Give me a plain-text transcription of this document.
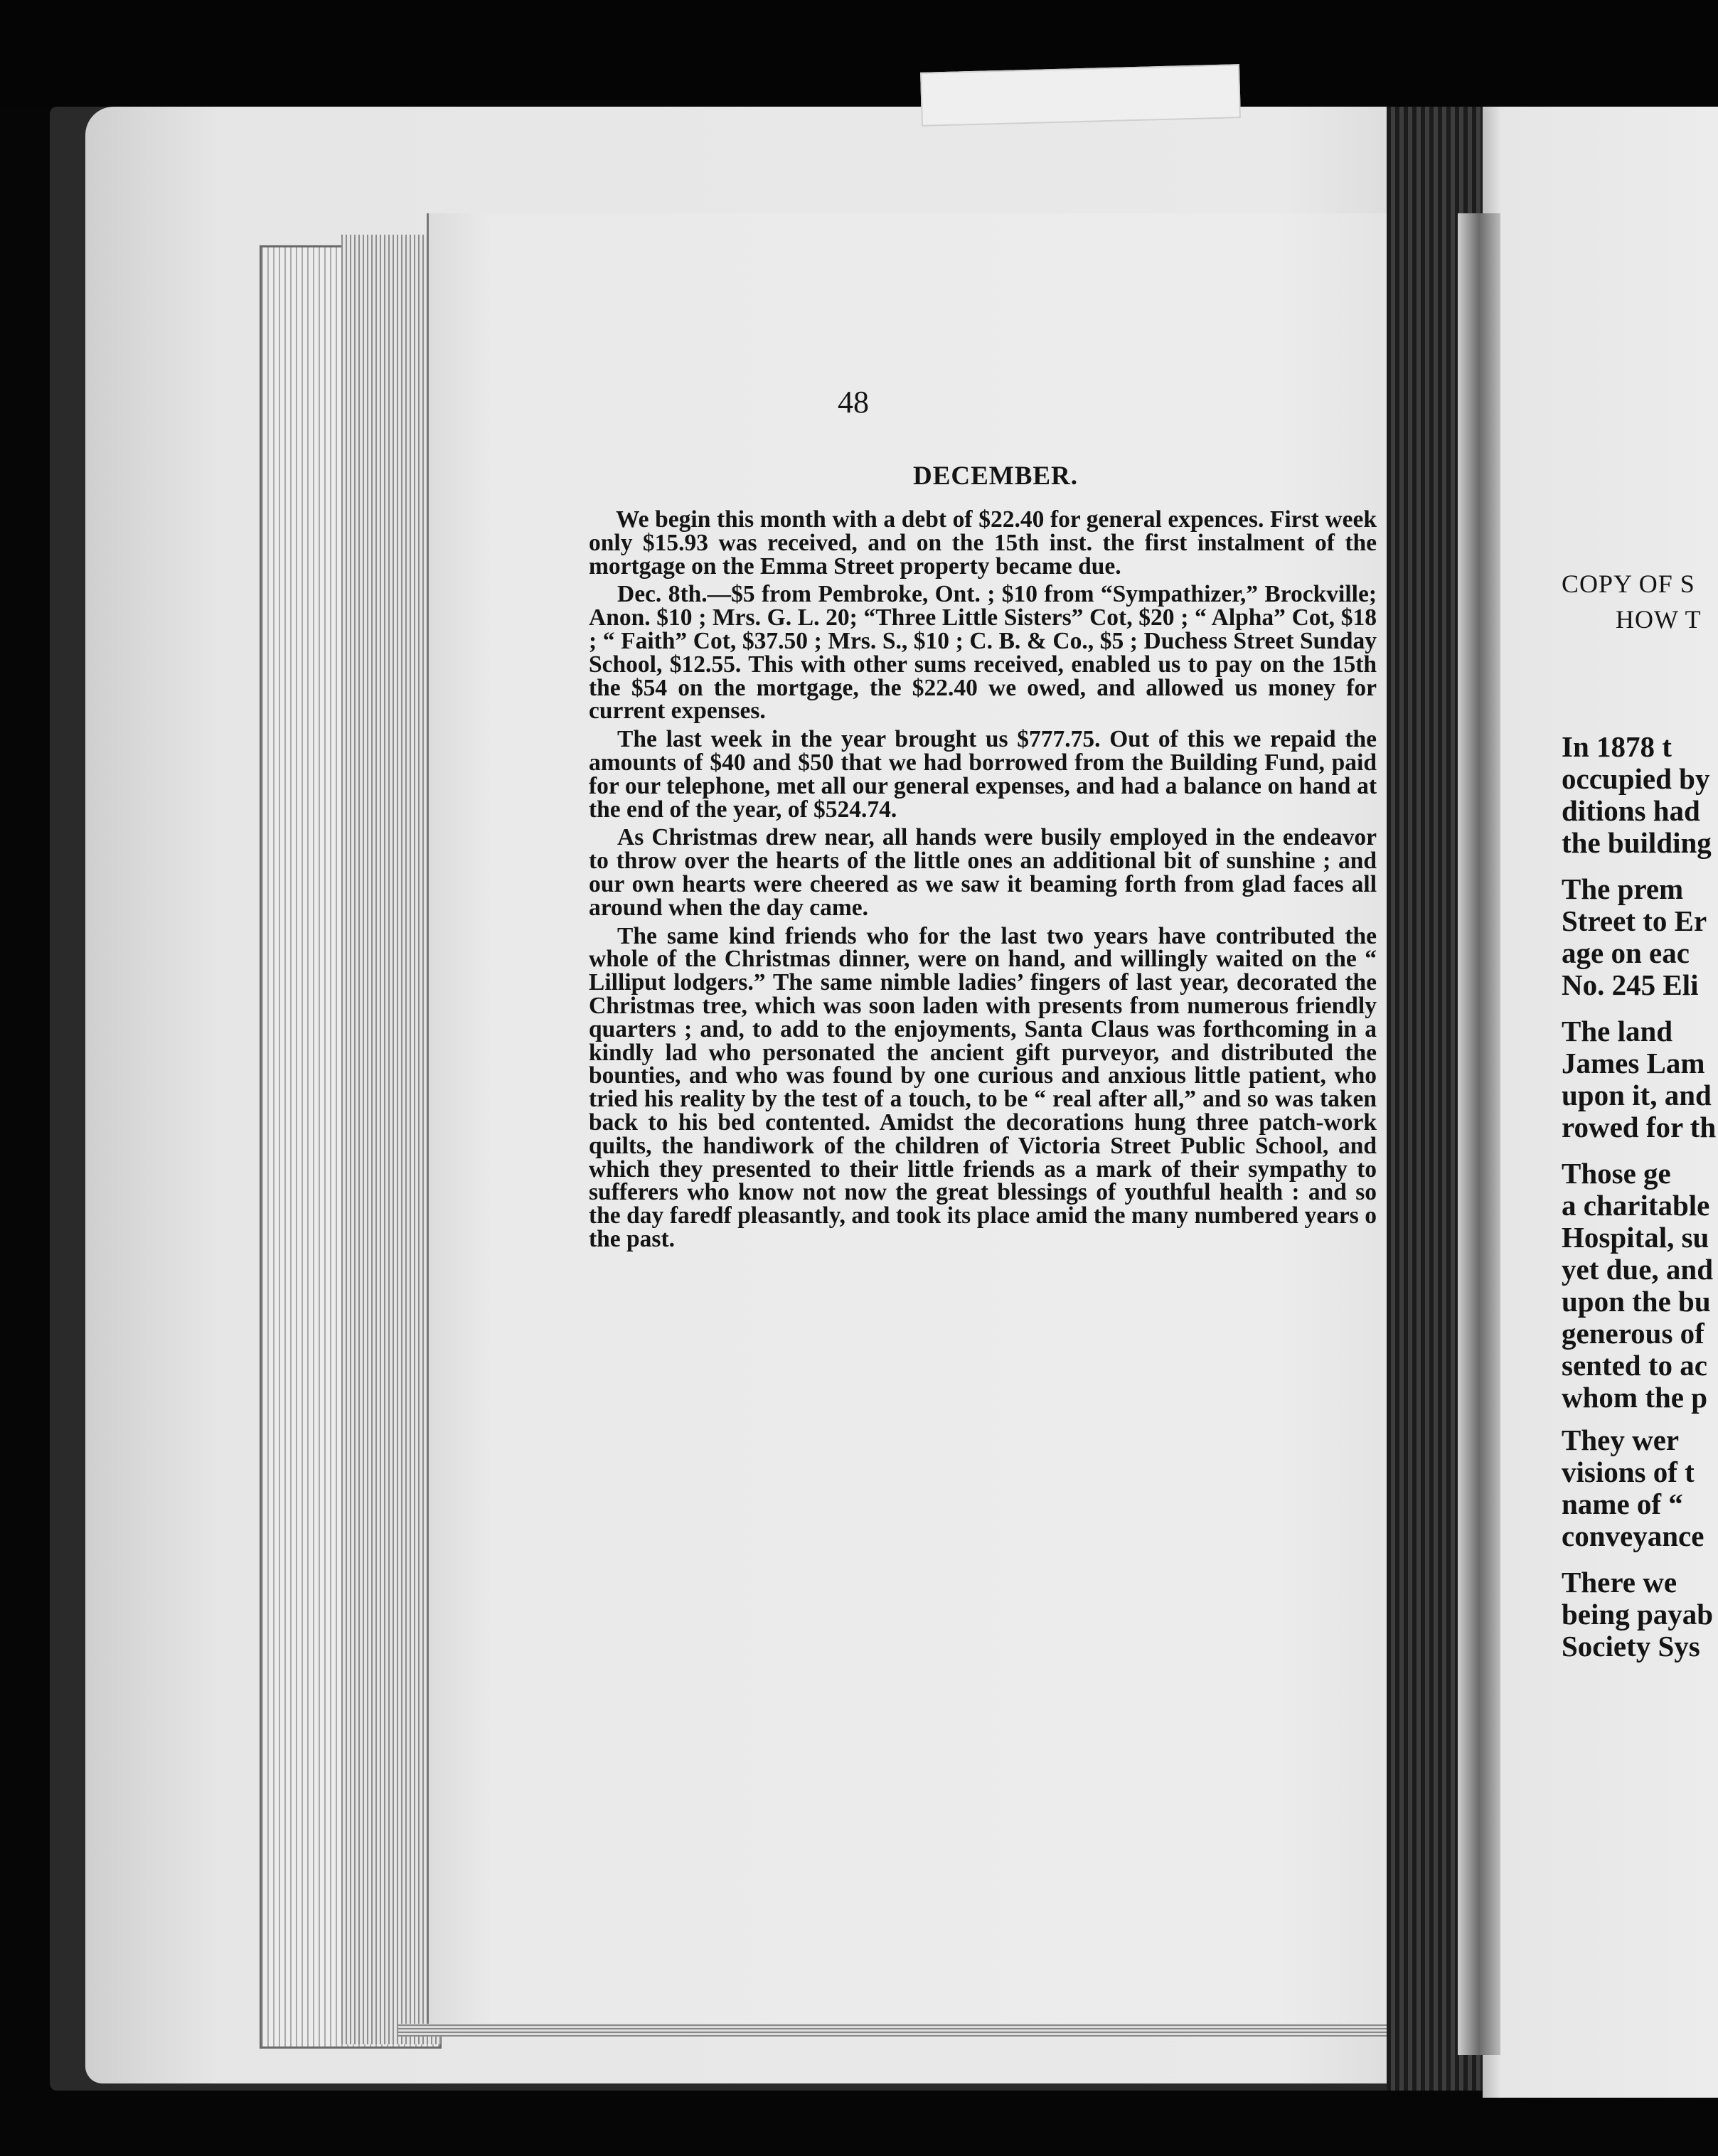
48
DECEMBER.

We begin this month with a debt of $22.40 for general expences. First week only $15.93 was received, and on the 15th inst. the first instalment of the mortgage on the Emma Street property became due.

Dec. 8th.—$5 from Pembroke, Ont. ; $10 from “Sympathizer,” Brockville; Anon. $10 ; Mrs. G. L. 20; “Three Little Sisters” Cot, $20 ; “ Alpha” Cot, $18 ; “ Faith” Cot, $37.50 ; Mrs. S., $10 ; C. B. & Co., $5 ; Duchess Street Sunday School, $12.55. This with other sums received, enabled us to pay on the 15th the $54 on the mortgage, the $22.40 we owed, and allowed us money for current expenses.

The last week in the year brought us $777.75. Out of this we repaid the amounts of $40 and $50 that we had borrowed from the Building Fund, paid for our telephone, met all our general expenses, and had a balance on hand at the end of the year, of $524.74.

As Christmas drew near, all hands were busily employed in the endeavor to throw over the hearts of the little ones an additional bit of sunshine ; and our own hearts were cheered as we saw it beaming forth from glad faces all around when the day came.

The same kind friends who for the last two years have contributed the whole of the Christmas dinner, were on hand, and willingly waited on the “ Lilliput lodgers.” The same nimble ladies’ fingers of last year, decorated the Christmas tree, which was soon laden with presents from numerous friendly quarters ; and, to add to the enjoyments, Santa Claus was forthcoming in a kindly lad who personated the ancient gift purveyor, and distributed the bounties, and who was found by one curious and anxious little patient, who tried his reality by the test of a touch, to be “ real after all,” and so was taken back to his bed contented. Amidst the decorations hung three patch-work quilts, the handiwork of the children of Victoria Street Public School, and which they presented to their little friends as a mark of their sympathy to sufferers who know not now the great blessings of youthful health : and so the day faredf pleasantly, and took its place amid the many numbered years o the past.

COPY OF S
HOW T
In 1878 t
occupied by
ditions had
the building
The prem
Street to Er
age on eac
No. 245 Eli
The land
James Lam
upon it, and
rowed for th
Those ge
a charitable
Hospital, su
yet due, and
upon the bu
generous of
sented to ac
whom the p
They wer
visions of t
name of “
conveyance
There we
being payab
Society Sys
